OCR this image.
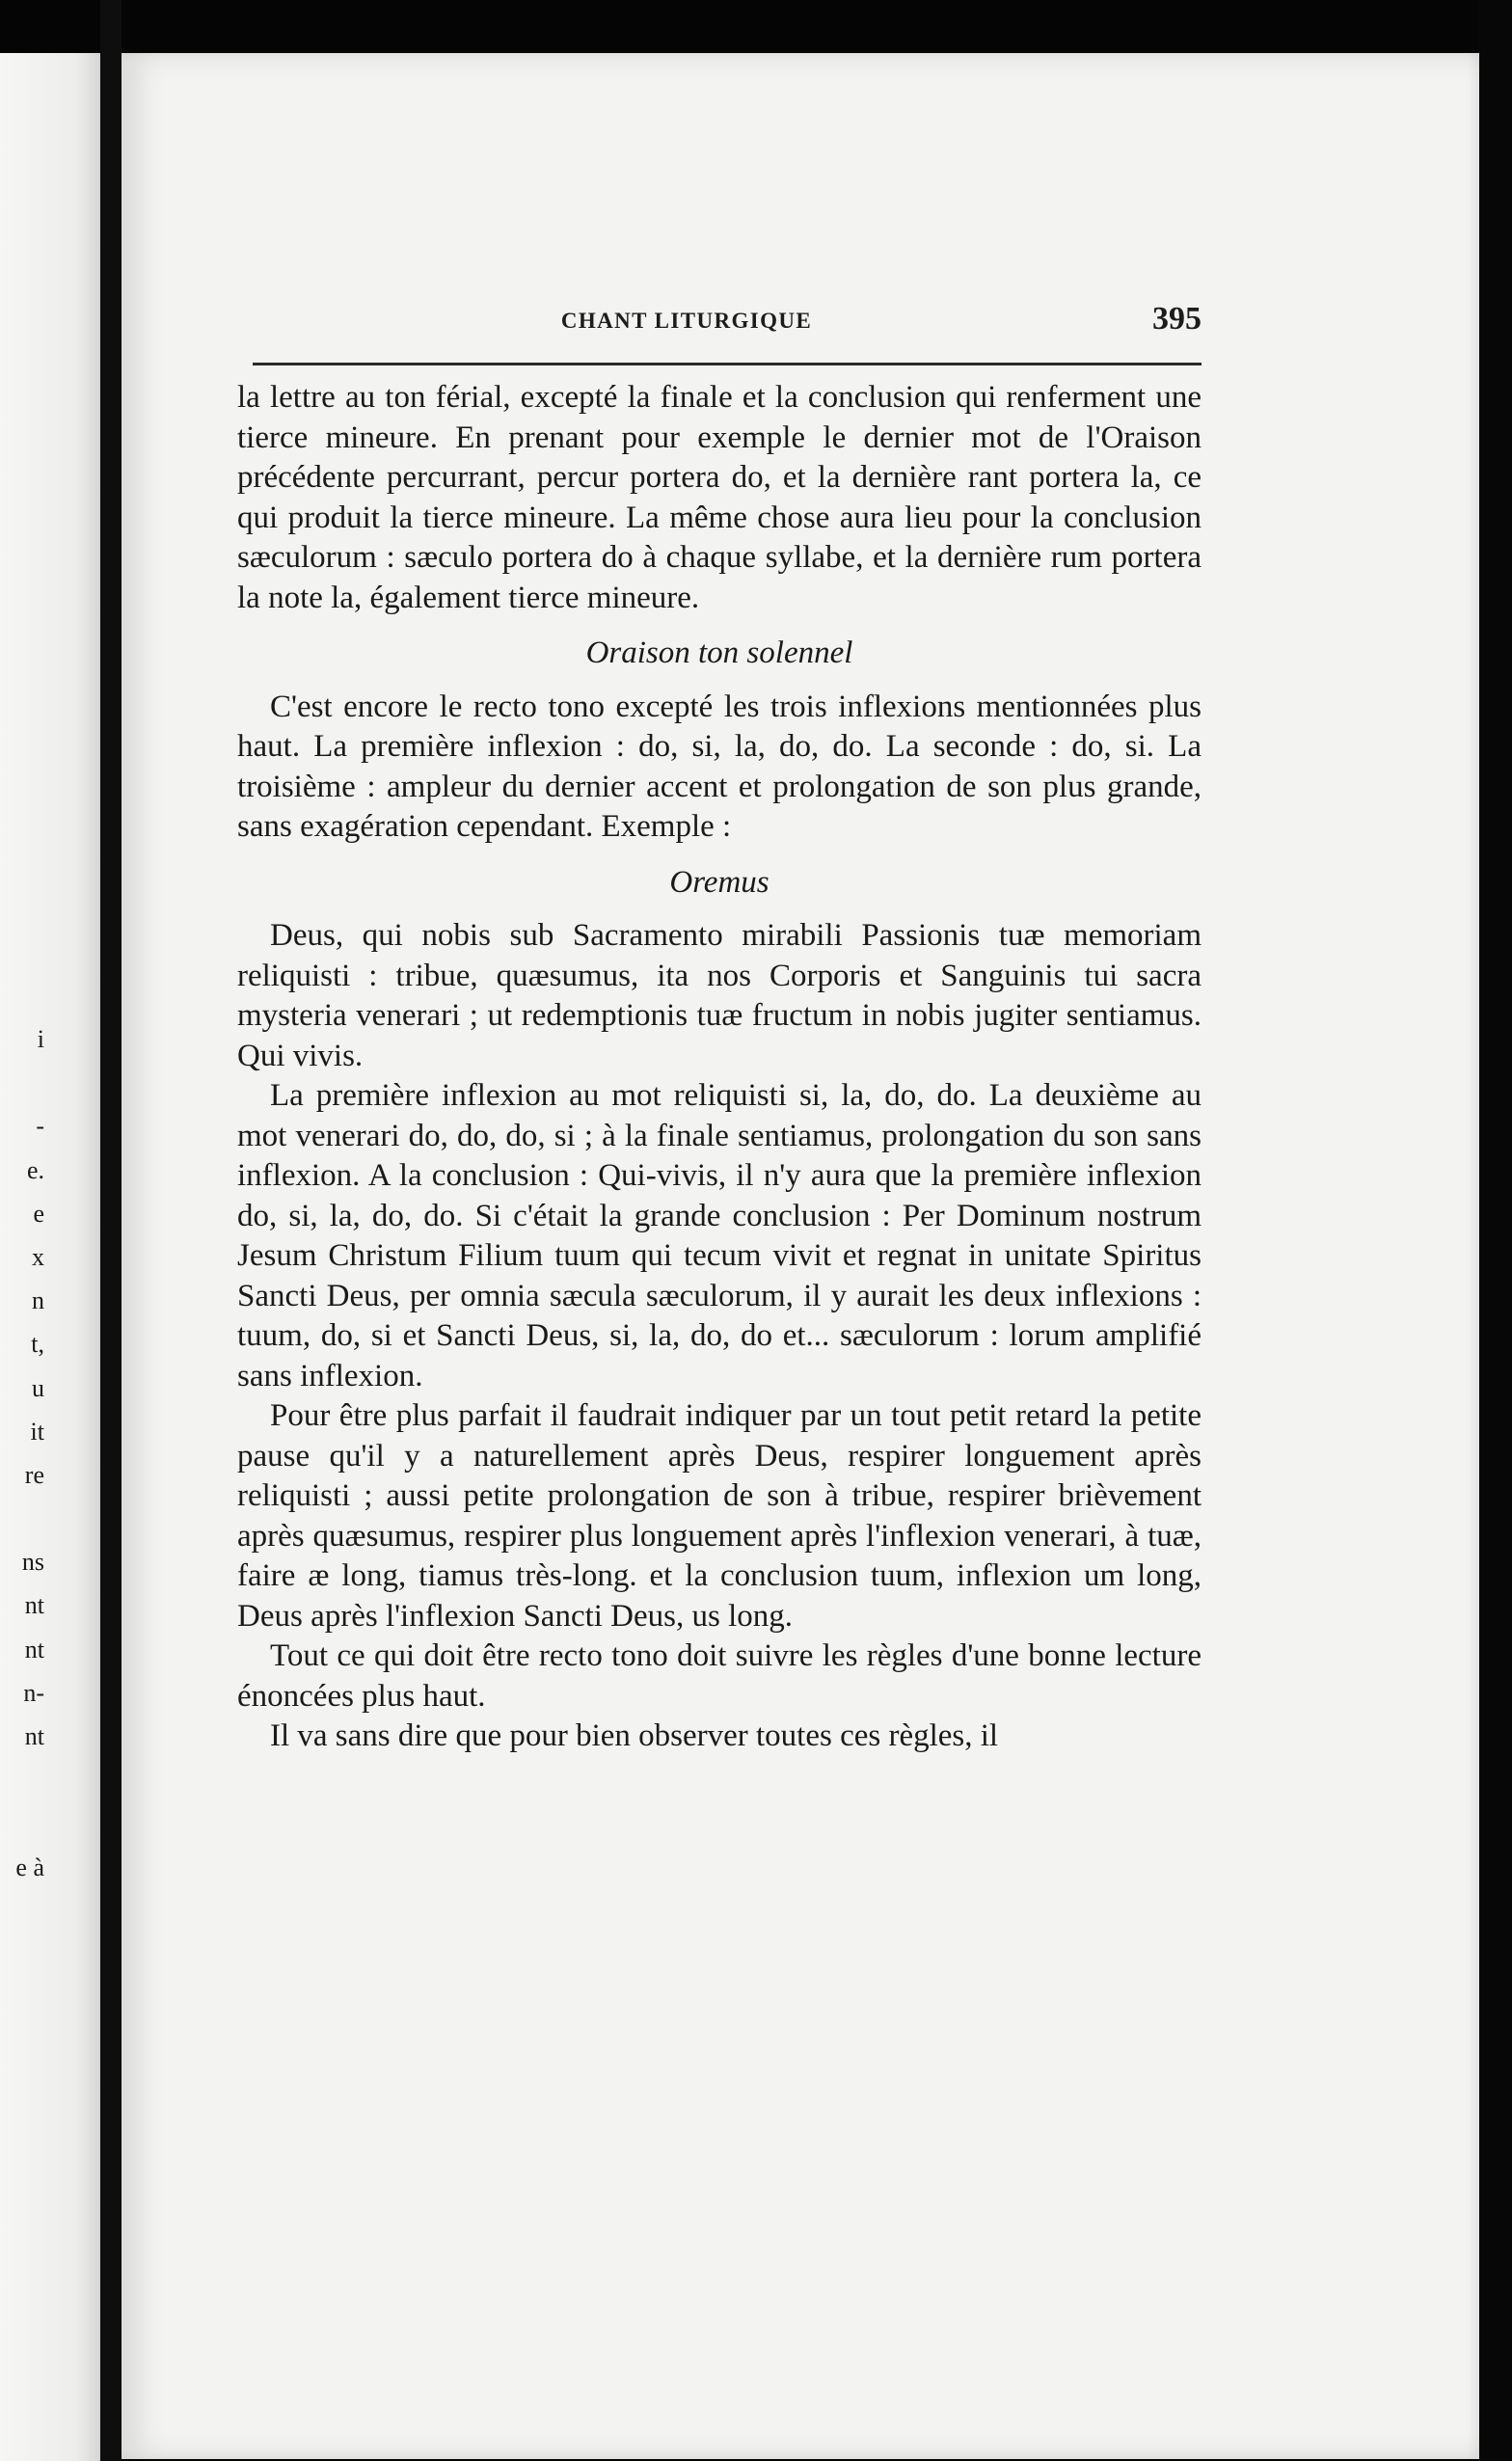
i
-
e.
e
x
n
t,
u
it
re
ns
nt
nt
n-
nt
e à
CHANT LITURGIQUE	395

la lettre au ton férial, excepté la finale et la conclusion qui renferment une tierce mineure. En prenant pour exemple le dernier mot de l'Oraison précédente percurrant, percur portera do, et la dernière rant portera la, ce qui produit la tierce mineure. La même chose aura lieu pour la conclusion sæculorum : sæculo portera do à chaque syllabe, et la dernière rum portera la note la, également tierce mineure.

Oraison ton solennel

C'est encore le recto tono excepté les trois inflexions mentionnées plus haut. La première inflexion : do, si, la, do, do. La seconde : do, si. La troisième : ampleur du dernier accent et prolongation de son plus grande, sans exagération cependant. Exemple :

Oremus

Deus, qui nobis sub Sacramento mirabili Passionis tuæ memoriam reliquisti : tribue, quæsumus, ita nos Corporis et Sanguinis tui sacra mysteria venerari ; ut redemptionis tuæ fructum in nobis jugiter sentiamus. Qui vivis.

La première inflexion au mot reliquisti si, la, do, do. La deuxième au mot venerari do, do, do, si ; à la finale sentiamus, prolongation du son sans inflexion. A la conclusion : Qui-vivis, il n'y aura que la première inflexion do, si, la, do, do. Si c'était la grande conclusion : Per Dominum nostrum Jesum Christum Filium tuum qui tecum vivit et regnat in unitate Spiritus Sancti Deus, per omnia sæcula sæculorum, il y aurait les deux inflexions : tuum, do, si et Sancti Deus, si, la, do, do et... sæculorum : lorum amplifié sans inflexion.

Pour être plus parfait il faudrait indiquer par un tout petit retard la petite pause qu'il y a naturellement après Deus, respirer longuement après reliquisti ; aussi petite prolongation de son à tribue, respirer brièvement après quæsumus, respirer plus longuement après l'inflexion venerari, à tuæ, faire æ long, tiamus très-long. et la conclusion tuum, inflexion um long, Deus après l'inflexion Sancti Deus, us long.

Tout ce qui doit être recto tono doit suivre les règles d'une bonne lecture énoncées plus haut.

Il va sans dire que pour bien observer toutes ces règles, il
